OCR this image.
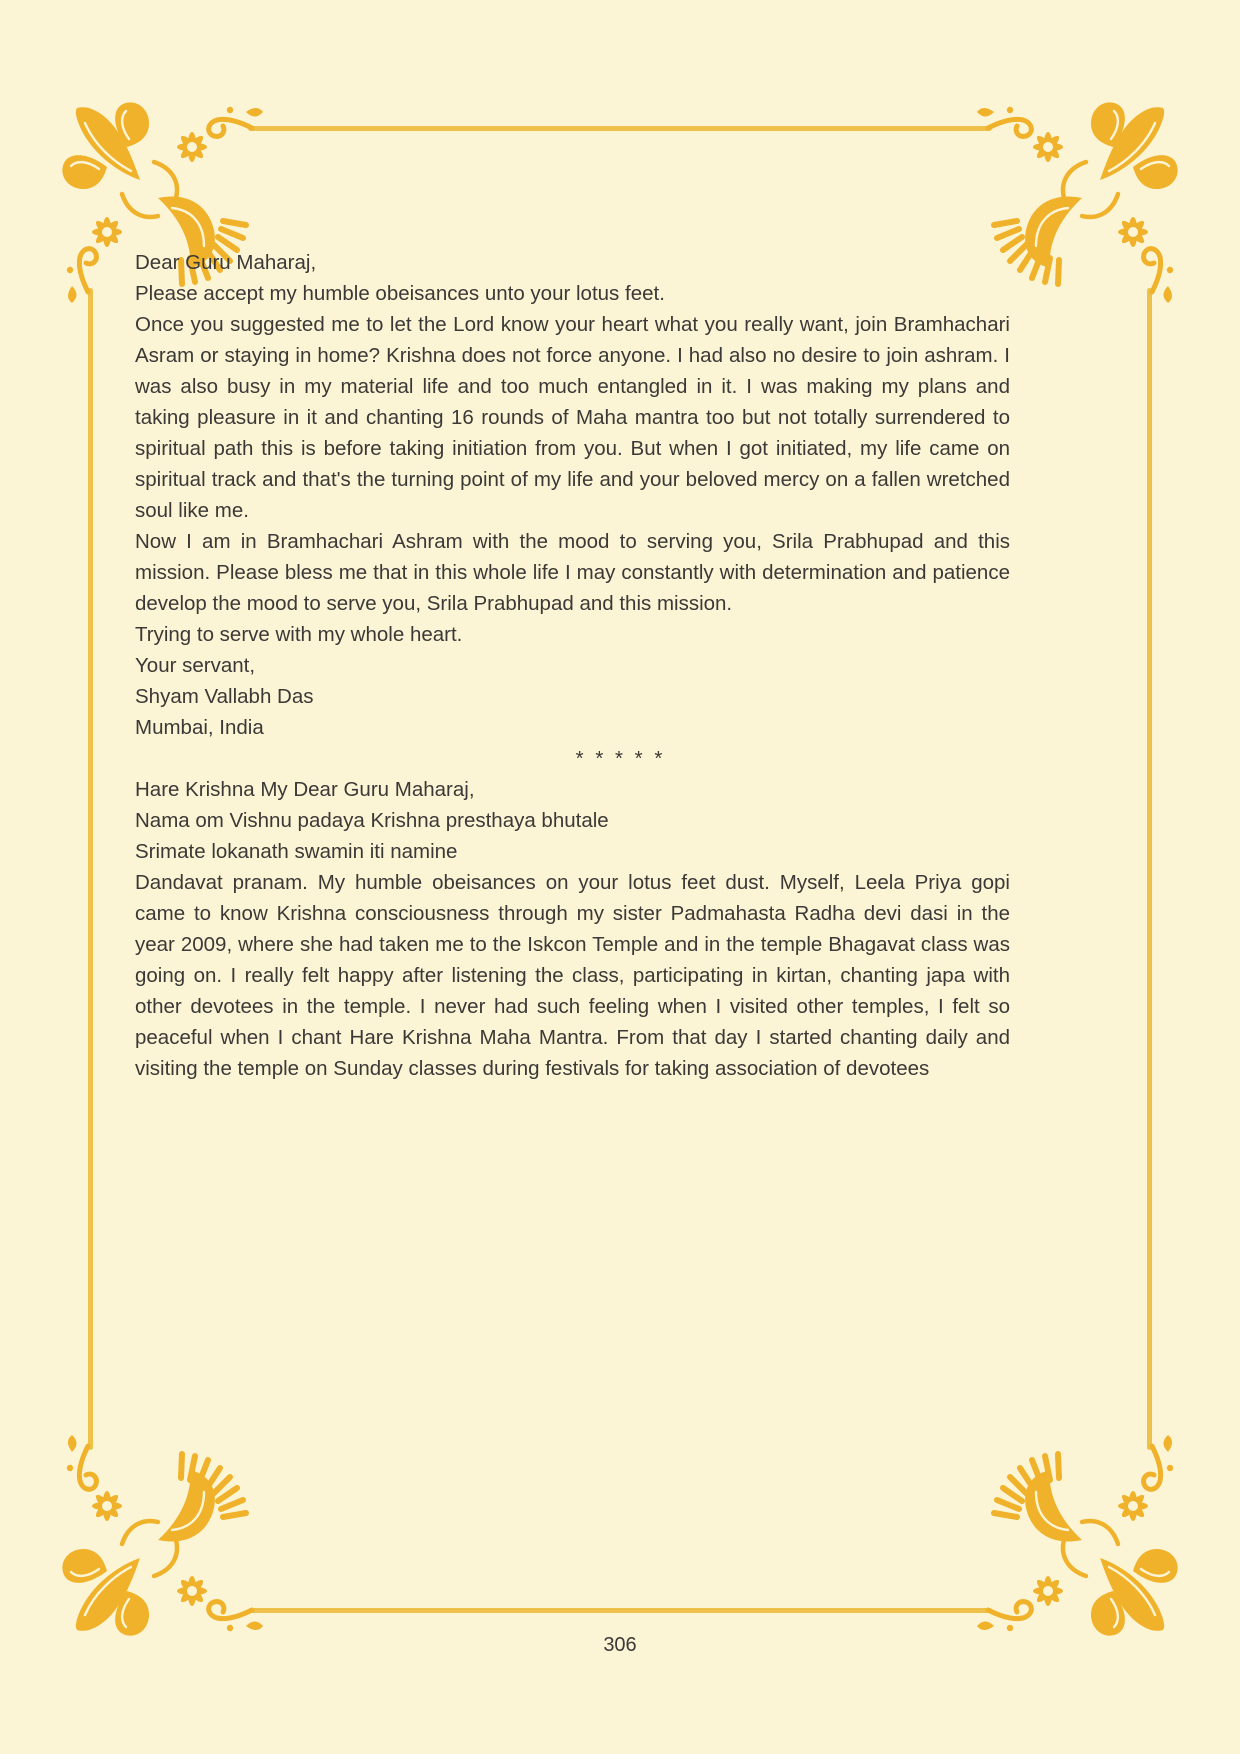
Dear Guru Maharaj,

Please accept my humble obeisances unto your lotus feet.

Once you suggested me to let the Lord know your heart what you really want, join Bramhachari Asram or staying in home? Krishna does not force anyone. I had also no desire to join ashram. I was also busy in my material life and too much entangled in it. I was making my plans and taking pleasure in it and chanting 16 rounds of Maha mantra too but not totally surrendered to spiritual path this is before taking initiation from you. But when I got initiated, my life came on spiritual track and that's the turning point of my life and your beloved mercy on a fallen wretched soul like me.

Now I am in Bramhachari Ashram with the mood to serving you, Srila Prabhupad and this mission. Please bless me that in this whole life I may constantly with determination and patience develop the mood to serve you, Srila Prabhupad and this mission.

Trying to serve with my whole heart.

Your servant,

Shyam Vallabh Das

Mumbai, India

* * * * *

Hare Krishna My Dear Guru Maharaj,

Nama om Vishnu padaya Krishna presthaya bhutale

Srimate lokanath swamin iti namine

Dandavat pranam. My humble obeisances on your lotus feet dust. Myself, Leela Priya gopi came to know Krishna consciousness through my sister Padmahasta Radha devi dasi in the year 2009, where she had taken me to the Iskcon Temple and in the temple Bhagavat class was going on. I really felt happy after listening the class, participating in kirtan, chanting japa with other devotees in the temple. I never had such feeling when I visited other temples, I felt so peaceful when I chant Hare Krishna Maha Mantra. From that day I started chanting daily and visiting the temple on Sunday classes during festivals for taking association of devotees

306
